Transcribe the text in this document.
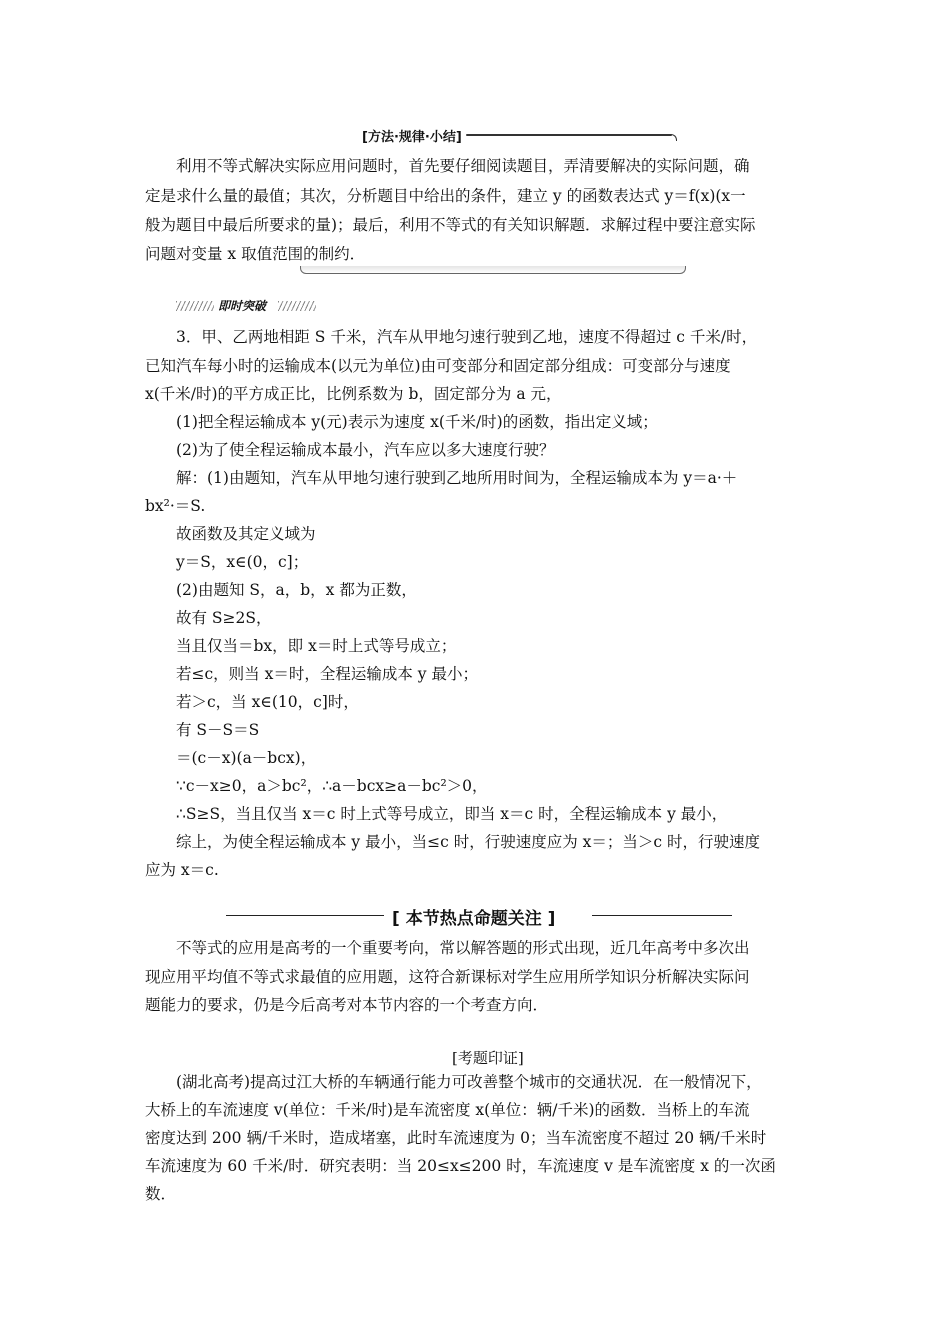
[方法·规律·小结]
利用不等式解决实际应用问题时，首先要仔细阅读题目，弄清要解决的实际问题，确
定是求什么量的最值；其次，分析题目中给出的条件，建立 y 的函数表达式 y＝f(x)(x一
般为题目中最后所要求的量)；最后，利用不等式的有关知识解题．求解过程中要注意实际
问题对变量 x 取值范围的制约．
即时突破
3．甲、乙两地相距 S 千米，汽车从甲地匀速行驶到乙地，速度不得超过 c 千米/时，
已知汽车每小时的运输成本(以元为单位)由可变部分和固定部分组成：可变部分与速度
x(千米/时)的平方成正比，比例系数为 b，固定部分为 a 元，
(1)把全程运输成本 y(元)表示为速度 x(千米/时)的函数，指出定义域；
(2)为了使全程运输成本最小，汽车应以多大速度行驶？
解：(1)由题知，汽车从甲地匀速行驶到乙地所用时间为，全程运输成本为 y＝a·＋
bx²·＝S.
故函数及其定义域为
y＝S，x∈(0，c]；
(2)由题知 S，a，b，x 都为正数，
故有 S≥2S，
当且仅当＝bx，即 x＝时上式等号成立；
若≤c，则当 x＝时，全程运输成本 y 最小；
若＞c，当 x∈(10，c]时，
有 S－S＝S
＝(c－x)(a－bcx)，
∵c－x≥0，a＞bc²，∴a－bcx≥a－bc²＞0，
∴S≥S，当且仅当 x＝c 时上式等号成立，即当 x＝c 时，全程运输成本 y 最小，
综上，为使全程运输成本 y 最小，当≤c 时，行驶速度应为 x＝；当＞c 时，行驶速度
应为 x＝c.
[ 本节热点命题关注 ]
不等式的应用是高考的一个重要考向，常以解答题的形式出现，近几年高考中多次出
现应用平均值不等式求最值的应用题，这符合新课标对学生应用所学知识分析解决实际问
题能力的要求，仍是今后高考对本节内容的一个考查方向．
[考题印证]
(湖北高考)提高过江大桥的车辆通行能力可改善整个城市的交通状况．在一般情况下，
大桥上的车流速度 v(单位：千米/时)是车流密度 x(单位：辆/千米)的函数．当桥上的车流
密度达到 200 辆/千米时，造成堵塞，此时车流速度为 0；当车流密度不超过 20 辆/千米时
车流速度为 60 千米/时．研究表明：当 20≤x≤200 时，车流速度 v 是车流密度 x 的一次函
数．
